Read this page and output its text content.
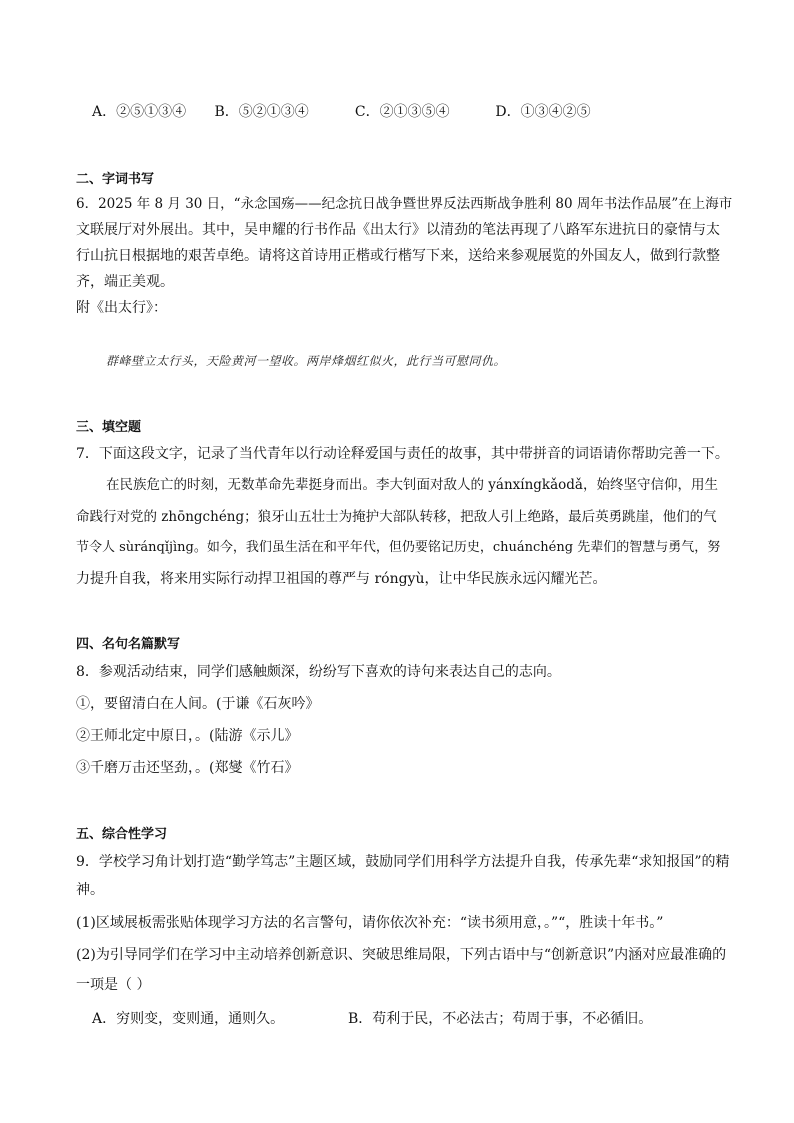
A．②⑤①③④ B．⑤②①③④	C．②①③⑤④	D．①③④②⑤
二、字词书写
6．2025 年 8 月 30 日，“永念国殇——纪念抗日战争暨世界反法西斯战争胜利 80 周年书法作品展”在上海市
文联展厅对外展出。其中，吴申耀的行书作品《出太行》以清劲的笔法再现了八路军东进抗日的豪情与太
行山抗日根据地的艰苦卓绝。请将这首诗用正楷或行楷写下来，送给来参观展览的外国友人，做到行款整
齐，端正美观。
附《出太行》：
群峰壁立太行头，天险黄河一望收。两岸烽烟红似火，此行当可慰同仇。
三、填空题
7．下面这段文字，记录了当代青年以行动诠释爱国与责任的故事，其中带拼音的词语请你帮助完善一下。
在民族危亡的时刻，无数革命先辈挺身而出。李大钊面对敌人的 yánxíngkǎodǎ，始终坚守信仰，用生
命践行对党的 zhōngchéng；狼牙山五壮士为掩护大部队转移，把敌人引上绝路，最后英勇跳崖，他们的气
节令人 sùránqǐjìng。如今，我们虽生活在和平年代，但仍要铭记历史，chuánchéng 先辈们的智慧与勇气，努
力提升自我，将来用实际行动捍卫祖国的尊严与 róngyù，让中华民族永远闪耀光芒。
四、名句名篇默写
8．参观活动结束，同学们感触颇深，纷纷写下喜欢的诗句来表达自己的志向。
①，要留清白在人间。(于谦《石灰吟》
②王师北定中原日，。(陆游《示儿》
③千磨万击还坚劲，。(郑燮《竹石》
五、综合性学习
9．学校学习角计划打造“勤学笃志”主题区域，鼓励同学们用科学方法提升自我，传承先辈“求知报国”的精
神。
(1)区域展板需张贴体现学习方法的名言警句，请你依次补充：“读书须用意，。”“，胜读十年书。”
(2)为引导同学们在学习中主动培养创新意识、突破思维局限，下列古语中与“创新意识”内涵对应最准确的
一项是（ ）
A．穷则变，变则通，通则久。	B．苟利于民，不必法古；苟周于事，不必循旧。
